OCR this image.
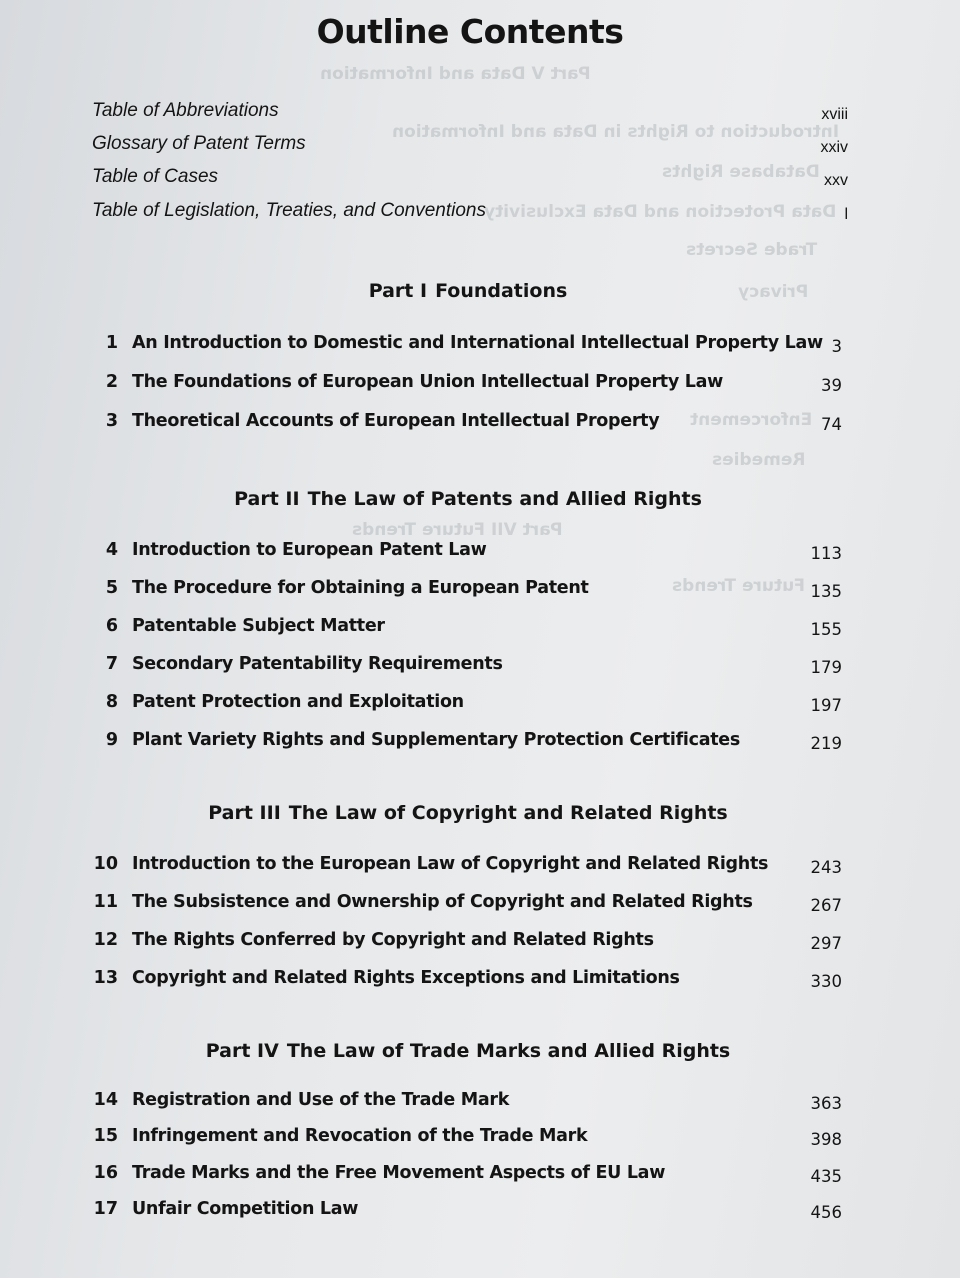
Part V Data and Information
Introduction to Rights in Data and Information
Database Rights
Data Protection and Data Exclusivity
Trade Secrets
Privacy
Enforcement
Remedies
Part VII Future Trends
Future Trends
Outline Contents
Table of Abbreviations	xviii
Glossary of Patent Terms	xxiv
Table of Cases	xxv
Table of Legislation, Treaties, and Conventions	l
Part I Foundations
1 An Introduction to Domestic and International Intellectual Property Law 3
2 The Foundations of European Union Intellectual Property Law	39
3 Theoretical Accounts of European Intellectual Property	74
Part II The Law of Patents and Allied Rights
4 Introduction to European Patent Law	113
5 The Procedure for Obtaining a European Patent	135
6 Patentable Subject Matter	155
7 Secondary Patentability Requirements	179
8 Patent Protection and Exploitation	197
9 Plant Variety Rights and Supplementary Protection Certificates	219
Part III The Law of Copyright and Related Rights
10 Introduction to the European Law of Copyright and Related Rights	243
11 The Subsistence and Ownership of Copyright and Related Rights	267
12 The Rights Conferred by Copyright and Related Rights	297
13 Copyright and Related Rights Exceptions and Limitations	330
Part IV The Law of Trade Marks and Allied Rights
14 Registration and Use of the Trade Mark	363
15 Infringement and Revocation of the Trade Mark	398
16 Trade Marks and the Free Movement Aspects of EU Law	435
17 Unfair Competition Law	456
